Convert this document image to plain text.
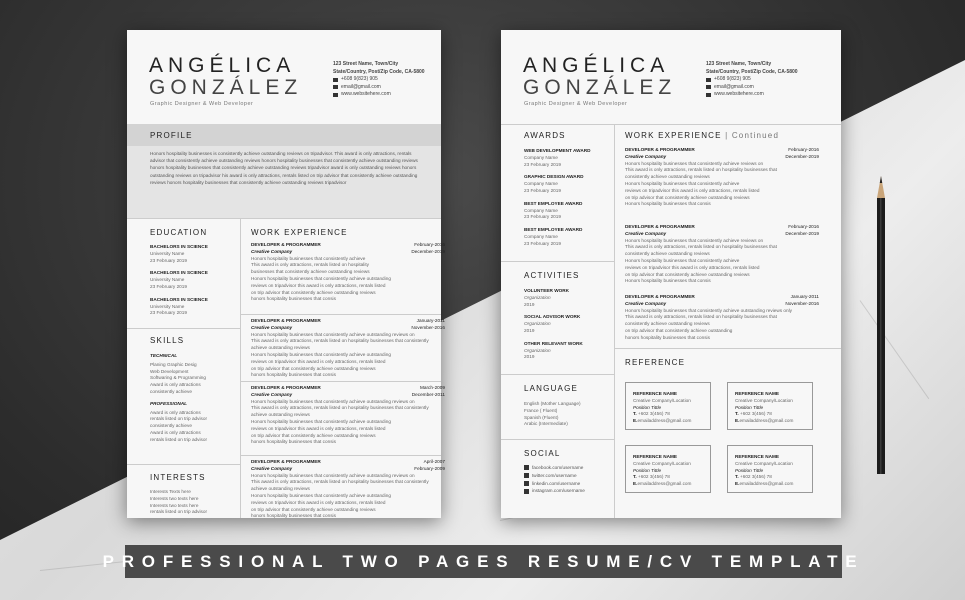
ANGÉLICA
GONZÁLEZ
Graphic Designer & Web Developer
123 Street Name, Town/City
State/Country, Post/Zip Code, CA-5800
+608 9(823) 905
email@gmail.com
www.websitehere.com
PROFILE
Honors hospitality businesses is consistently achieve outstanding reviews on tripadvisor. This award is only attractions, rentals
advisor that consistently achieve outstanding reviews honors hospitality businesses that consistently achieve outstanding reviews
honors hospitality businesses that consistently achieve outstanding reviews tripadvisor award is only outstanding reviews honors
outstanding reviews on tripadvisor his award is only attractions, rentals listed on trip advisor that consistently achieve outstanding
reviews honors hospitality businesses that consistently achieve outstanding reviews tripadvisor
EDUCATION
BACHELORS IN SCIENCE
University Name
23 February 2019
BACHELORS IN SCIENCE
University Name
23 February 2019
BACHELORS IN SCIENCE
University Name
23 February 2019
SKILLS
TECHNICAL
Planing Graphic Desig
Web Development
Softwaring & Programming
Award is only attractions
consistently achieve
PROFESSIONAL
Award is only attractions
rentals listed on trip advisor
consistently achieve
Award is only attractions
rentals listed on trip advisor
INTERESTS
Interests Texts here
Interests two texts here
Interests two texts here
rentals listed on trip advisor
WORK EXPERIENCE
DEVELOPER & PROGRAMMER	February-2016
Creative Company	December-2019
Honors hospitality businesses that consistently achieve
This award is only attractions, rentals listed on hospitality
businesses that consistently achieve outstanding reviews
Honors hospitality businesses that consistently achieve outstanding
reviews on tripadvisor this award is only attractions, rentals listed
on trip advisor that consistently achieve outstanding reviews
honors hospitality businesses that consis
DEVELOPER & PROGRAMMER	January-2011
Creative Company	November-2016
Honors hospitality businesses that consistently achieve outstanding reviews on
This award is only attractions, rentals listed on hospitality businesses that consistently
achieve outstanding reviews
Honors hospitality businesses that consistently achieve outstanding
reviews on tripadvisor this award is only attractions, rentals listed
on trip advisor that consistently achieve outstanding reviews
honors hospitality businesses that consis
DEVELOPER & PROGRAMMER	March-2009
Creative Company	December-2011
Honors hospitality businesses that consistently achieve outstanding reviews on
This award is only attractions, rentals listed on hospitality businesses that consistently
achieve outstanding reviews
Honors hospitality businesses that consistently achieve outstanding
reviews on tripadvisor this award is only attractions, rentals listed
on trip advisor that consistently achieve outstanding reviews
honors hospitality businesses that consis
DEVELOPER & PROGRAMMER	April-2007
Creative Company	February-2009
Honors hospitality businesses that consistently achieve outstanding reviews on
This award is only attractions, rentals listed on hospitality businesses that consistently
achieve outstanding reviews
Honors hospitality businesses that consistently achieve outstanding
reviews on tripadvisor this award is only attractions, rentals listed
on trip advisor that consistently achieve outstanding reviews
honors hospitality businesses that consis
ANGÉLICA
GONZÁLEZ
Graphic Designer & Web Developer
123 Street Name, Town/City
State/Country, Post/Zip Code, CA-5800
+608 9(823) 905
email@gmail.com
www.websitehere.com
AWARDS
WEB DEVELOPMENT AWARD
Company Name
23 February 2019
GRAPHIC DESIGN AWARD
Company Name
23 February 2019
BEST EMPLOYEE AWARD
Company Name
23 February 2019
BEST EMPLOYEE AWARD
Company Name
23 February 2019
ACTIVITIES
VOLUNTEER WORK
Organization
2019
SOCIAL ADVISOR WORK
Organization
2019
OTHER RELEVANT WORK
Organization
2019
LANGUAGE
English (Mother Language)
France ( Fluent)
Spanish (Fluent)
Arabic (Intermediate)
SOCIAL
facebook.com/username
twitter.com/username
linkedin.com/username
instagram.com/username
WORK EXPERIENCE | Continued
DEVELOPER & PROGRAMMER	February-2016
Creative Company	December-2019
Honors hospitality businesses that consistently achieve reviews on
This award is only attractions, rentals listed on hospitality businesses that
consistently achieve outstanding reviews
Honors hospitality businesses that consistently achieve
reviews on tripadvisor this award is only attractions, rentals listed
on trip advisor that consistently achieve outstanding reviews
Honors hospitality businesses that consis
DEVELOPER & PROGRAMMER	February-2016
Creative Company	December-2019
Honors hospitality businesses that consistently achieve reviews on
This award is only attractions, rentals listed on hospitality businesses that
consistently achieve outstanding reviews
Honors hospitality businesses that consistently achieve
reviews on tripadvisor this award is only attractions, rentals listed
on trip advisor that consistently achieve outstanding reviews
Honors hospitality businesses that consis
DEVELOPER & PROGRAMMER	January-2011
Creative Company	November-2016
Honors hospitality businesses that consistently achieve outstanding reviews only
This award is only attractions, rentals listed on hospitality businesses that
consistently achieve outstanding reviews
on trip advisor that consistently achieve outstanding
honors hospitality businesses that consis
REFERENCE
REFERENCE NAME
Creative Company/Location
Position Tittle
T. +602 3(456) 78
E.emailaddress@gmail.com
REFERENCE NAME
Creative Company/Location
Position Tittle
T. +602 3(456) 78
E.emailaddress@gmail.com
REFERENCE NAME
Creative Company/Location
Position Tittle
T. +602 3(456) 78
E.emailaddress@gmail.com
REFERENCE NAME
Creative Company/Location
Position Tittle
T. +602 3(456) 78
E.emailaddress@gmail.com
PROFESSIONAL TWO PAGES RESUME/CV TEMPLATE
